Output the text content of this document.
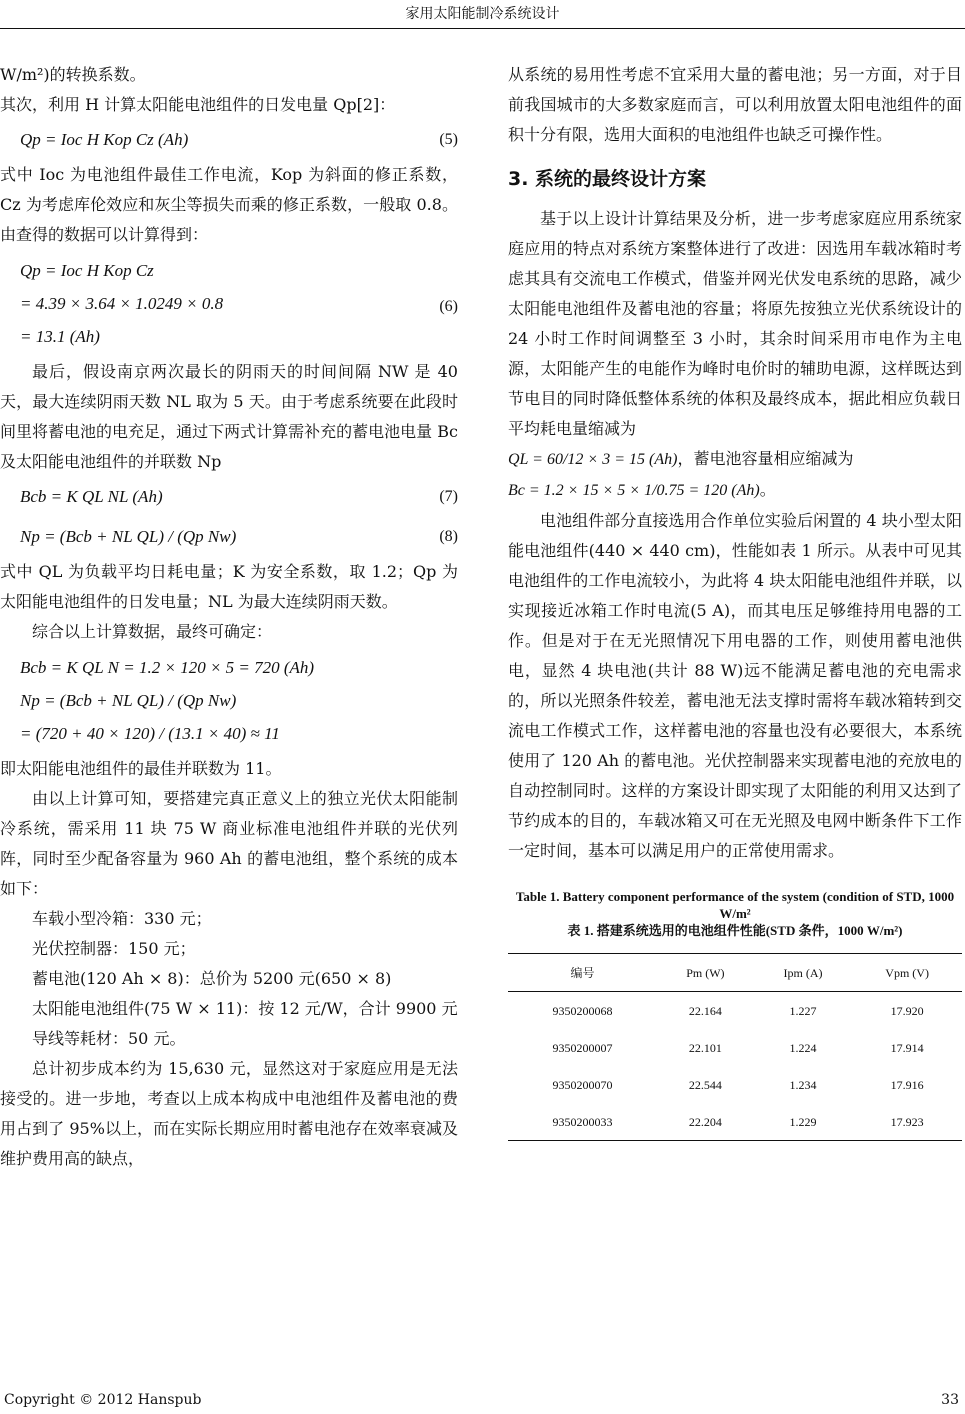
家用太阳能制冷系统设计

W/m²)的转换系数。

其次，利用 H 计算太阳能电池组件的日发电量 Qp[2]：

Qp = Ioc H Kop Cz (Ah)	(5)

式中 Ioc 为电池组件最佳工作电流，Kop 为斜面的修正系数，Cz 为考虑库伦效应和灰尘等损失而乘的修正系数，一般取 0.8。由查得的数据可以计算得到：

Qp = Ioc H Kop Cz
= 4.39 × 3.64 × 1.0249 × 0.8
= 13.1 (Ah)
(6)

最后，假设南京两次最长的阴雨天的时间间隔 NW 是 40 天，最大连续阴雨天数 NL 取为 5 天。由于考虑系统要在此段时间里将蓄电池的电充足，通过下两式计算需补充的蓄电池电量 Bc 及太阳能电池组件的并联数 Np

Bcb = K QL NL (Ah)	(7)
Np = (Bcb + NL QL) / (Qp Nw)	(8)

式中 QL 为负载平均日耗电量；K 为安全系数，取 1.2；Qp 为太阳能电池组件的日发电量；NL 为最大连续阴雨天数。

综合以上计算数据，最终可确定：

Bcb = K QL N = 1.2 × 120 × 5 = 720 (Ah)
Np = (Bcb + NL QL) / (Qp Nw)
= (720 + 40 × 120) / (13.1 × 40) ≈ 11

即太阳能电池组件的最佳并联数为 11。

由以上计算可知，要搭建完真正意义上的独立光伏太阳能制冷系统，需采用 11 块 75 W 商业标准电池组件并联的光伏列阵，同时至少配备容量为 960 Ah 的蓄电池组，整个系统的成本如下：

车载小型冷箱：330 元；

光伏控制器：150 元；

蓄电池(120 Ah × 8)：总价为 5200 元(650 × 8)

太阳能电池组件(75 W × 11)：按 12 元/W，合计 9900 元

导线等耗材：50 元。

总计初步成本约为 15,630 元，显然这对于家庭应用是无法接受的。进一步地，考查以上成本构成中电池组件及蓄电池的费用占到了 95%以上，而在实际长期应用时蓄电池存在效率衰减及维护费用高的缺点，

从系统的易用性考虑不宜采用大量的蓄电池；另一方面，对于目前我国城市的大多数家庭而言，可以利用放置太阳电池组件的面积十分有限，选用大面积的电池组件也缺乏可操作性。

3. 系统的最终设计方案

基于以上设计计算结果及分析，进一步考虑家庭应用系统家庭应用的特点对系统方案整体进行了改进：因选用车载冰箱时考虑其具有交流电工作模式，借鉴并网光伏发电系统的思路，减少太阳能电池组件及蓄电池的容量；将原先按独立光伏系统设计的 24 小时工作时间调整至 3 小时，其余时间采用市电作为主电源，太阳能产生的电能作为峰时电价时的辅助电源，这样既达到节电目的同时降低整体系统的体积及最终成本，据此相应负载日平均耗电量缩减为

QL = 60/12 × 3 = 15 (Ah)，蓄电池容量相应缩减为

Bc = 1.2 × 15 × 5 × 1/0.75 = 120 (Ah)。

电池组件部分直接选用合作单位实验后闲置的 4 块小型太阳能电池组件(440 × 440 cm)，性能如表 1 所示。从表中可见其电池组件的工作电流较小，为此将 4 块太阳能电池组件并联，以实现接近冰箱工作时电流(5 A)，而其电压足够维持用电器的工作。但是对于在无光照情况下用电器的工作，则使用蓄电池供电，显然 4 块电池(共计 88 W)远不能满足蓄电池的充电需求的，所以光照条件较差，蓄电池无法支撑时需将车载冰箱转到交流电工作模式工作，这样蓄电池的容量也没有必要很大，本系统使用了 120 Ah 的蓄电池。光伏控制器来实现蓄电池的充放电的自动控制同时。这样的方案设计即实现了太阳能的利用又达到了节约成本的目的，车载冰箱又可在无光照及电网中断条件下工作一定时间，基本可以满足用户的正常使用需求。

Table 1. Battery component performance of the system (condition of STD, 1000 W/m²
表 1. 搭建系统选用的电池组件性能(STD 条件，1000 W/m²)
编号	Pm (W)	Ipm (A)	Vpm (V)
9350200068	22.164	1.227	17.920
9350200007	22.101	1.224	17.914
9350200070	22.544	1.234	17.916
9350200033	22.204	1.229	17.923
Copyright © 2012 Hanspub	33
